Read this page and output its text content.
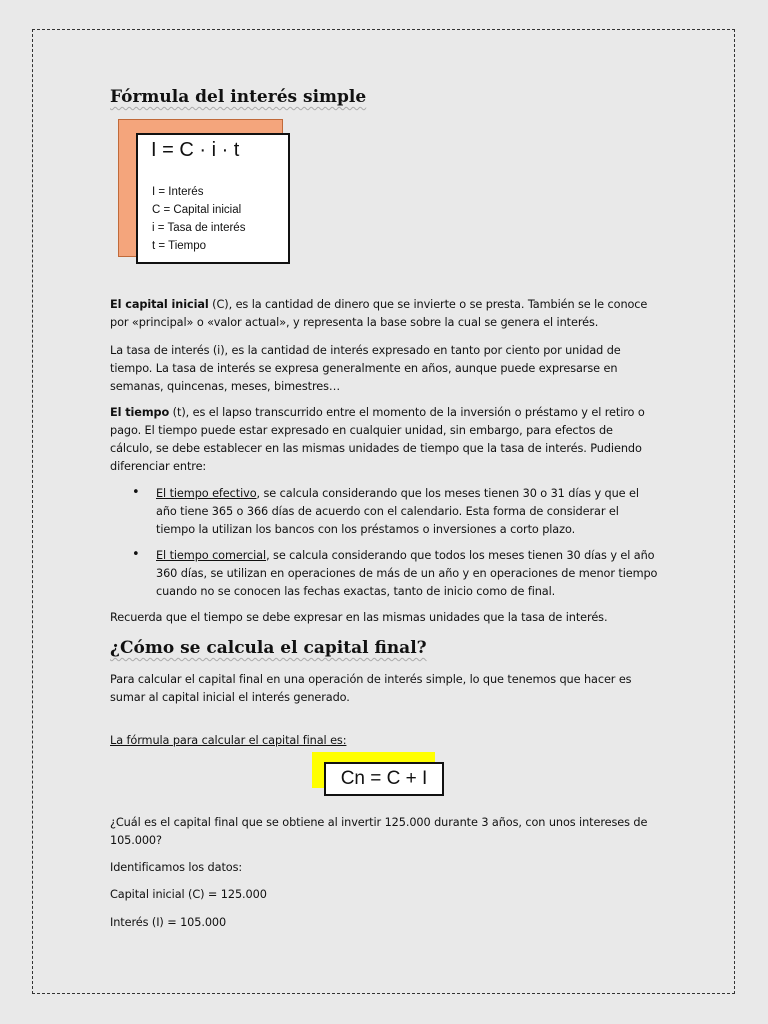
Fórmula del interés simple
I = C · i · t
I = Interés
C = Capital inicial
i = Tasa de interés
t = Tiempo
El capital inicial (C), es la cantidad de dinero que se invierte o se presta. También se le conoce por «principal» o «valor actual», y representa la base sobre la cual se genera el interés.
La tasa de interés (i), es la cantidad de interés expresado en tanto por ciento por unidad de tiempo. La tasa de interés se expresa generalmente en años, aunque puede expresarse en semanas, quincenas, meses, bimestres…
El tiempo (t), es el lapso transcurrido entre el momento de la inversión o préstamo y el retiro o pago. El tiempo puede estar expresado en cualquier unidad, sin embargo, para efectos de cálculo, se debe establecer en las mismas unidades de tiempo que la tasa de interés. Pudiendo diferenciar entre:
• El tiempo efectivo, se calcula considerando que los meses tienen 30 o 31 días y que el año tiene 365 o 366 días de acuerdo con el calendario. Esta forma de considerar el tiempo la utilizan los bancos con los préstamos o inversiones a corto plazo.
• El tiempo comercial, se calcula considerando que todos los meses tienen 30 días y el año 360 días, se utilizan en operaciones de más de un año y en operaciones de menor tiempo cuando no se conocen las fechas exactas, tanto de inicio como de final.
Recuerda que el tiempo se debe expresar en las mismas unidades que la tasa de interés.
¿Cómo se calcula el capital final?
Para calcular el capital final en una operación de interés simple, lo que tenemos que hacer es sumar al capital inicial el interés generado.
La fórmula para calcular el capital final es:
Cn = C + I
¿Cuál es el capital final que se obtiene al invertir 125.000 durante 3 años, con unos intereses de 105.000?
Identificamos los datos:
Capital inicial (C) = 125.000
Interés (I) = 105.000
